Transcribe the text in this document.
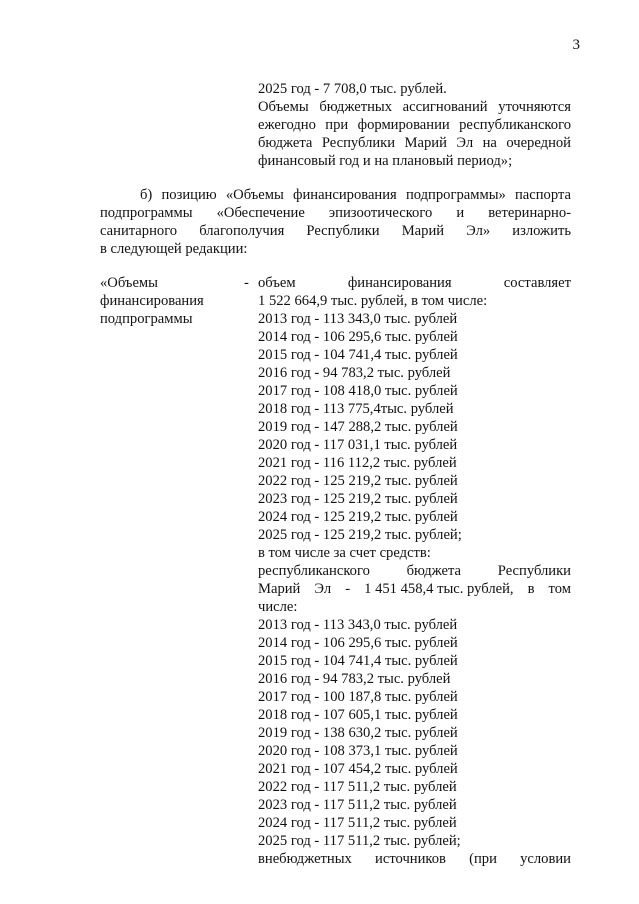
3
2025 год - 7 708,0 тыс. рублей.
Объемы бюджетных ассигнований уточняются
ежегодно при формировании республиканского
бюджета Республики Марий Эл на очередной
финансовый год и на плановый период»;
б) позицию «Объемы финансирования подпрограммы» паспорта
подпрограммы «Обеспечение эпизоотического и ветеринарно-
санитарного благополучия Республики Марий Эл» изложить
в следующей редакции:
«Объемы
финансирования
подпрограммы
- объем	финансирования	составляет
1 522 664,9 тыс. рублей, в том числе:
2013 год - 113 343,0 тыс. рублей
2014 год - 106 295,6 тыс. рублей
2015 год - 104 741,4 тыс. рублей
2016 год - 94 783,2 тыс. рублей
2017 год - 108 418,0 тыс. рублей
2018 год - 113 775,4тыс. рублей
2019 год - 147 288,2 тыс. рублей
2020 год - 117 031,1 тыс. рублей
2021 год - 116 112,2 тыс. рублей
2022 год - 125 219,2 тыс. рублей
2023 год - 125 219,2 тыс. рублей
2024 год - 125 219,2 тыс. рублей
2025 год - 125 219,2 тыс. рублей;
в том числе за счет средств:
республиканского	бюджета	Республики
Марий Эл - 1 451 458,4 тыс. рублей, в том
числе:
2013 год - 113 343,0 тыс. рублей
2014 год - 106 295,6 тыс. рублей
2015 год - 104 741,4 тыс. рублей
2016 год - 94 783,2 тыс. рублей
2017 год - 100 187,8 тыс. рублей
2018 год - 107 605,1 тыс. рублей
2019 год - 138 630,2 тыс. рублей
2020 год - 108 373,1 тыс. рублей
2021 год - 107 454,2 тыс. рублей
2022 год - 117 511,2 тыс. рублей
2023 год - 117 511,2 тыс. рублей
2024 год - 117 511,2 тыс. рублей
2025 год - 117 511,2 тыс. рублей;
внебюджетных источников (при условии
